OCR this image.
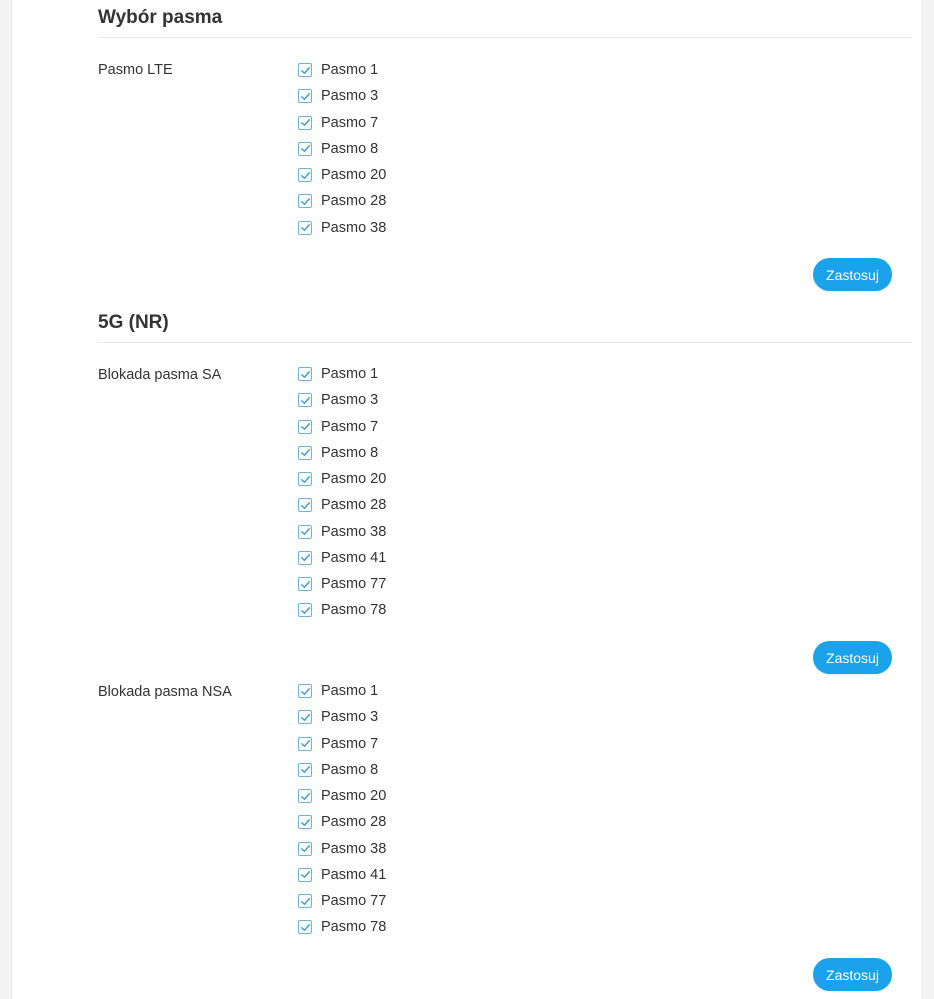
Wybór pasma
Pasmo LTE	Pasmo 1
Pasmo 3
Pasmo 7
Pasmo 8
Pasmo 20
Pasmo 28
Pasmo 38
Zastosuj
5G (NR)
Blokada pasma SA	Pasmo 1
Pasmo 3
Pasmo 7
Pasmo 8
Pasmo 20
Pasmo 28
Pasmo 38
Pasmo 41
Pasmo 77
Pasmo 78
Zastosuj
Blokada pasma NSA	Pasmo 1
Pasmo 3
Pasmo 7
Pasmo 8
Pasmo 20
Pasmo 28
Pasmo 38
Pasmo 41
Pasmo 77
Pasmo 78
Zastosuj
